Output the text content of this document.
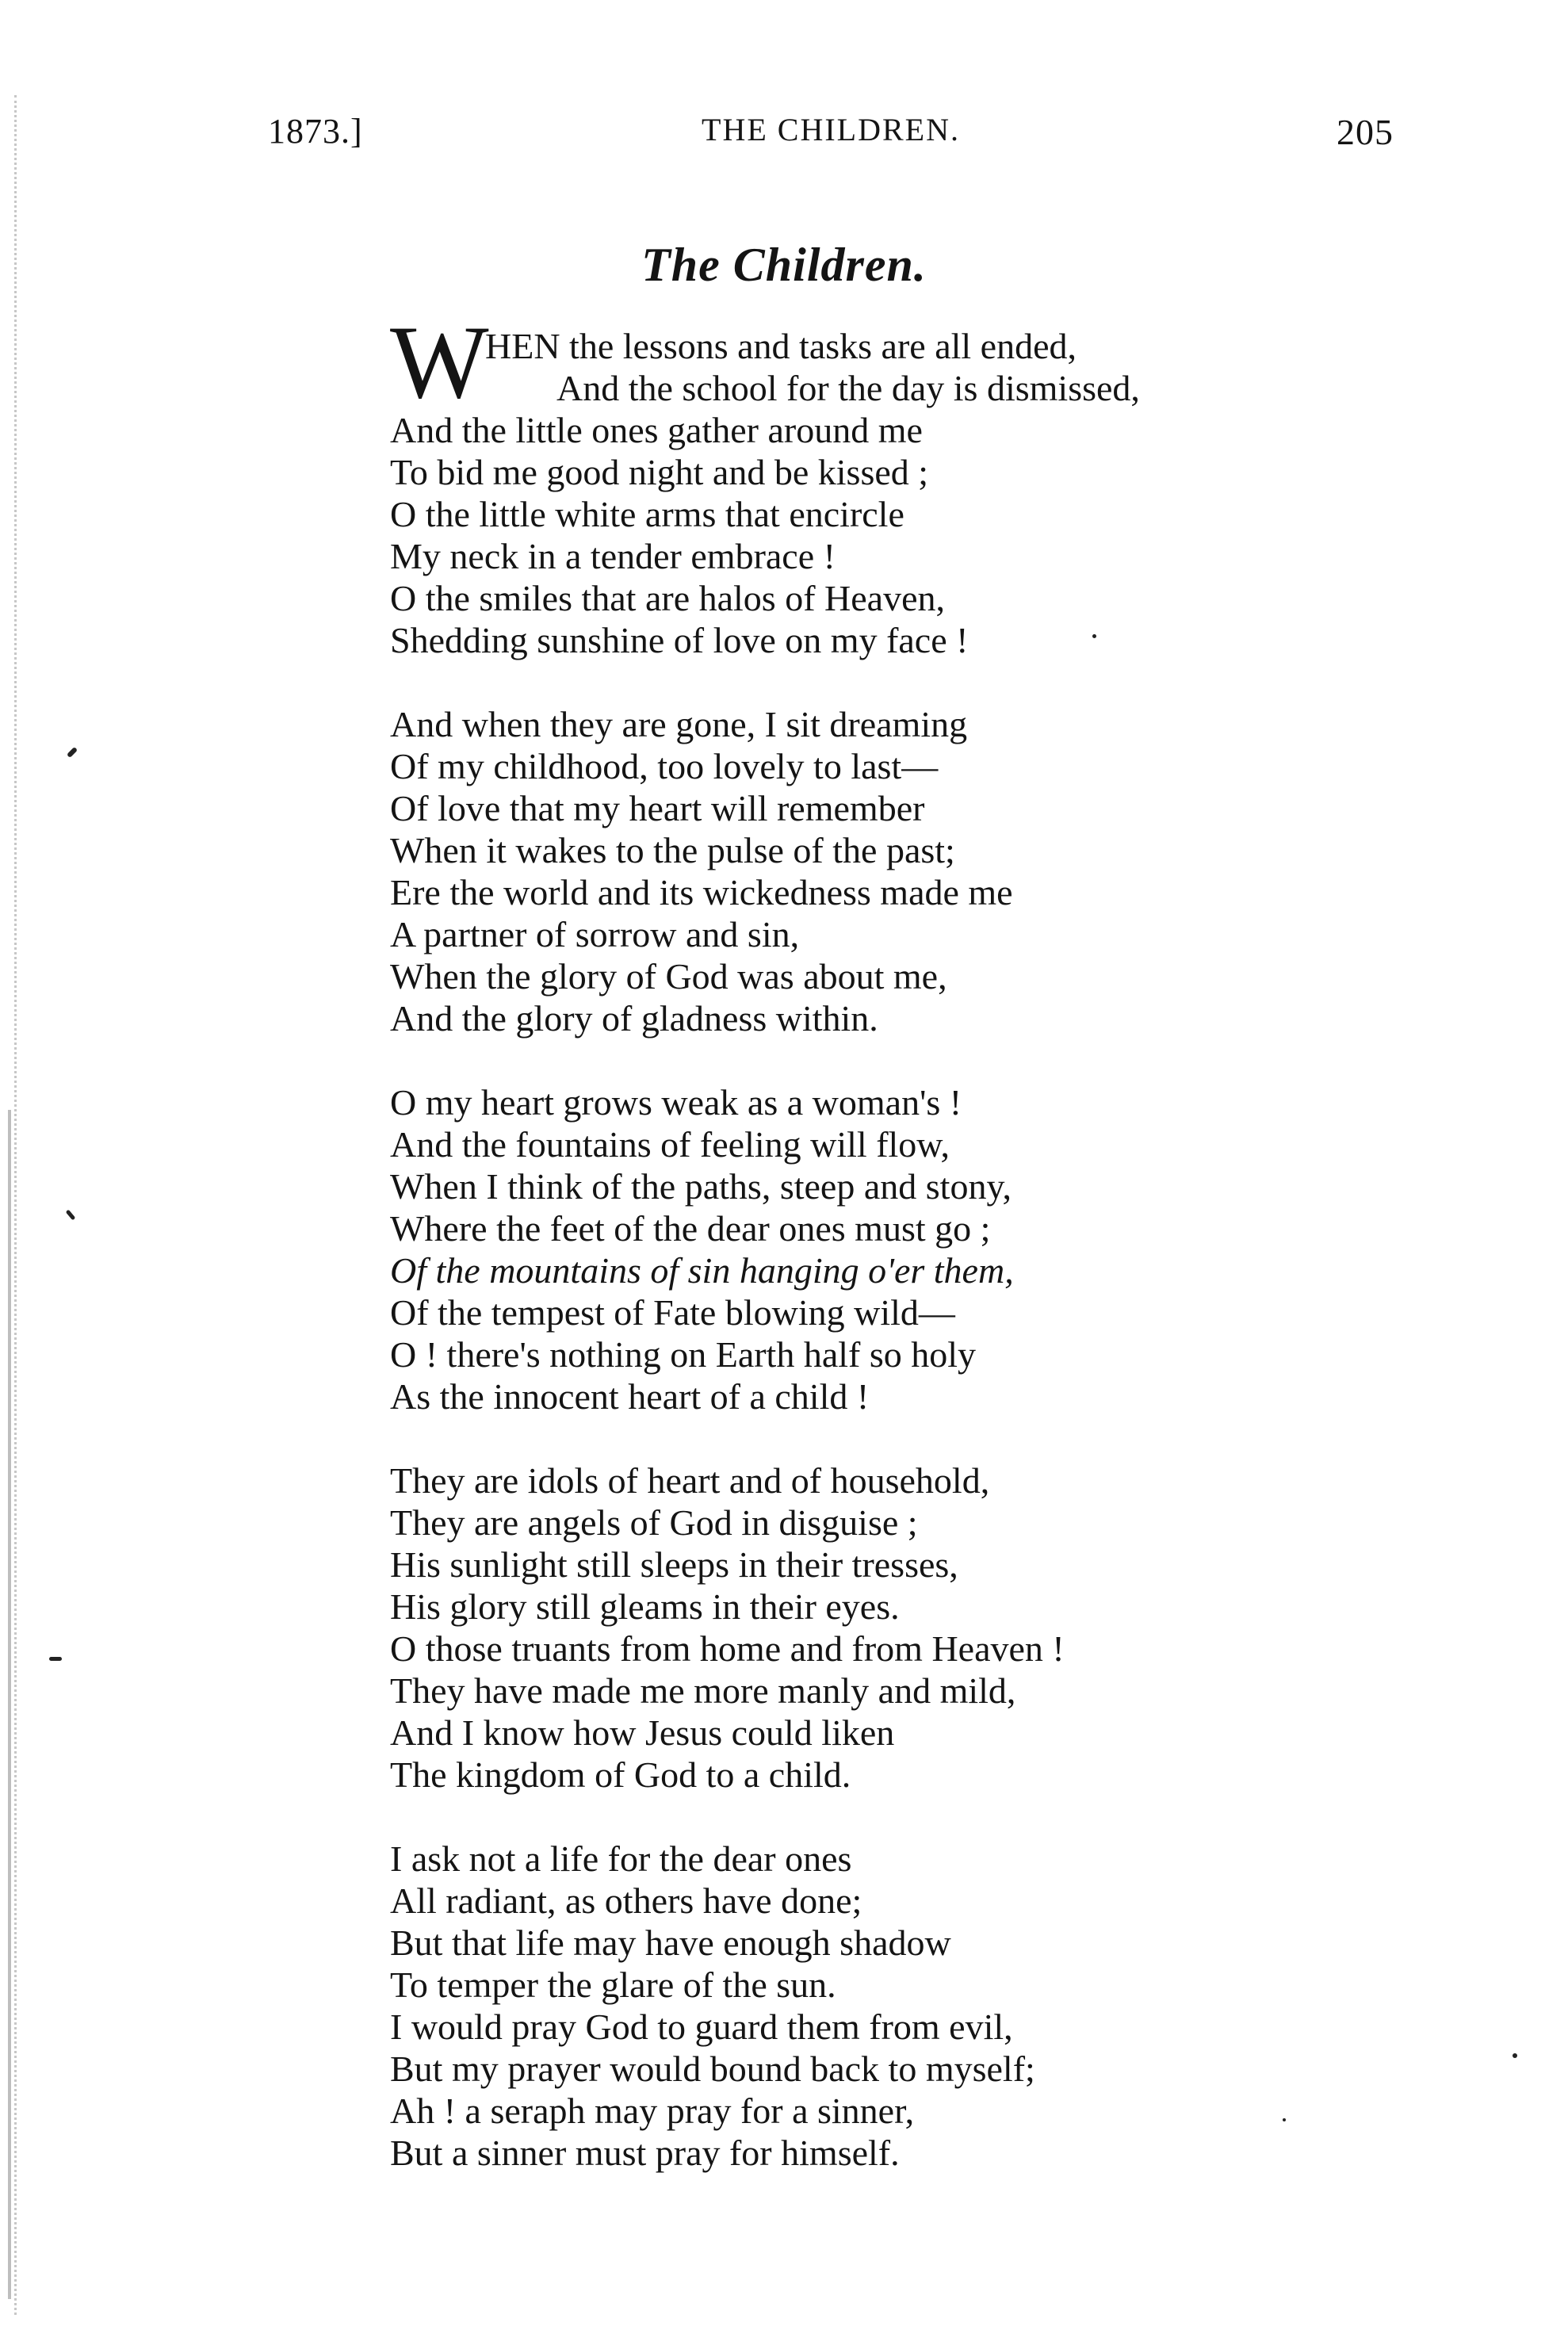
1873.]	THE CHILDREN.	205
The Children.

W

HEN the lessons and tasks are all ended,

And the school for the day is dismissed,
And the little ones gather around me
To bid me good night and be kissed ;
O the little white arms that encircle
My neck in a tender embrace !
O the smiles that are halos of Heaven,
Shedding sunshine of love on my face !
And when they are gone, I sit dreaming
Of my childhood, too lovely to last—
Of love that my heart will remember
When it wakes to the pulse of the past;
Ere the world and its wickedness made me
A partner of sorrow and sin,
When the glory of God was about me,
And the glory of gladness within.
O my heart grows weak as a woman's !
And the fountains of feeling will flow,
When I think of the paths, steep and stony,
Where the feet of the dear ones must go ;
Of the mountains of sin hanging o'er them,
Of the tempest of Fate blowing wild—
O ! there's nothing on Earth half so holy
As the innocent heart of a child !
They are idols of heart and of household,
They are angels of God in disguise ;
His sunlight still sleeps in their tresses,
His glory still gleams in their eyes.
O those truants from home and from Heaven !
They have made me more manly and mild,
And I know how Jesus could liken
The kingdom of God to a child.
I ask not a life for the dear ones
All radiant, as others have done;
But that life may have enough shadow
To temper the glare of the sun.
I would pray God to guard them from evil,
But my prayer would bound back to myself;
Ah ! a seraph may pray for a sinner,
But a sinner must pray for himself.
